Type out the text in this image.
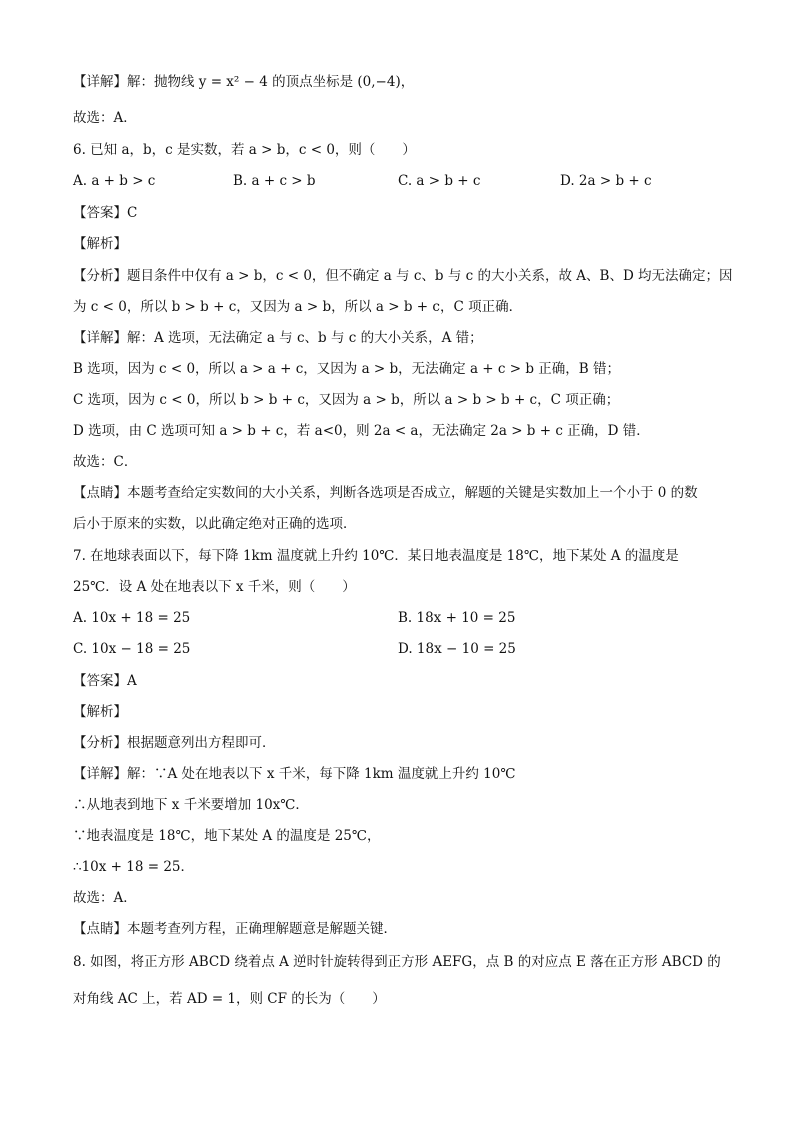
【详解】解：抛物线 y = x² − 4 的顶点坐标是 (0,−4)，
故选：A．
6. 已知 a，b，c 是实数，若 a > b，c < 0，则（　　）
A. a + b > c	B. a + c > b	C. a > b + c	D. 2a > b + c
【答案】C
【解析】
【分析】题目条件中仅有 a > b，c < 0，但不确定 a 与 c、b 与 c 的大小关系，故 A、B、D 均无法确定；因
为 c < 0，所以 b > b + c，又因为 a > b，所以 a > b + c，C 项正确．
【详解】解：A 选项，无法确定 a 与 c、b 与 c 的大小关系，A 错；
B 选项，因为 c < 0，所以 a > a + c，又因为 a > b，无法确定 a + c > b 正确，B 错；
C 选项，因为 c < 0，所以 b > b + c，又因为 a > b，所以 a > b > b + c，C 项正确；
D 选项，由 C 选项可知 a > b + c，若 a<0，则 2a < a，无法确定 2a > b + c 正确，D 错．
故选：C．
【点睛】本题考查给定实数间的大小关系，判断各选项是否成立，解题的关键是实数加上一个小于 0 的数
后小于原来的实数，以此确定绝对正确的选项．
7. 在地球表面以下，每下降 1km 温度就上升约 10℃．某日地表温度是 18℃，地下某处 A 的温度是
25℃．设 A 处在地表以下 x 千米，则（　　）
A. 10x + 18 = 25	B. 18x + 10 = 25
C. 10x − 18 = 25	D. 18x − 10 = 25
【答案】A
【解析】
【分析】根据题意列出方程即可．
【详解】解：∵A 处在地表以下 x 千米，每下降 1km 温度就上升约 10℃
∴从地表到地下 x 千米要增加 10x℃．
∵地表温度是 18℃，地下某处 A 的温度是 25℃，
∴10x + 18 = 25．
故选：A．
【点睛】本题考查列方程，正确理解题意是解题关键．
8. 如图，将正方形 ABCD 绕着点 A 逆时针旋转得到正方形 AEFG，点 B 的对应点 E 落在正方形 ABCD 的
对角线 AC 上，若 AD = 1，则 CF 的长为（　　）
